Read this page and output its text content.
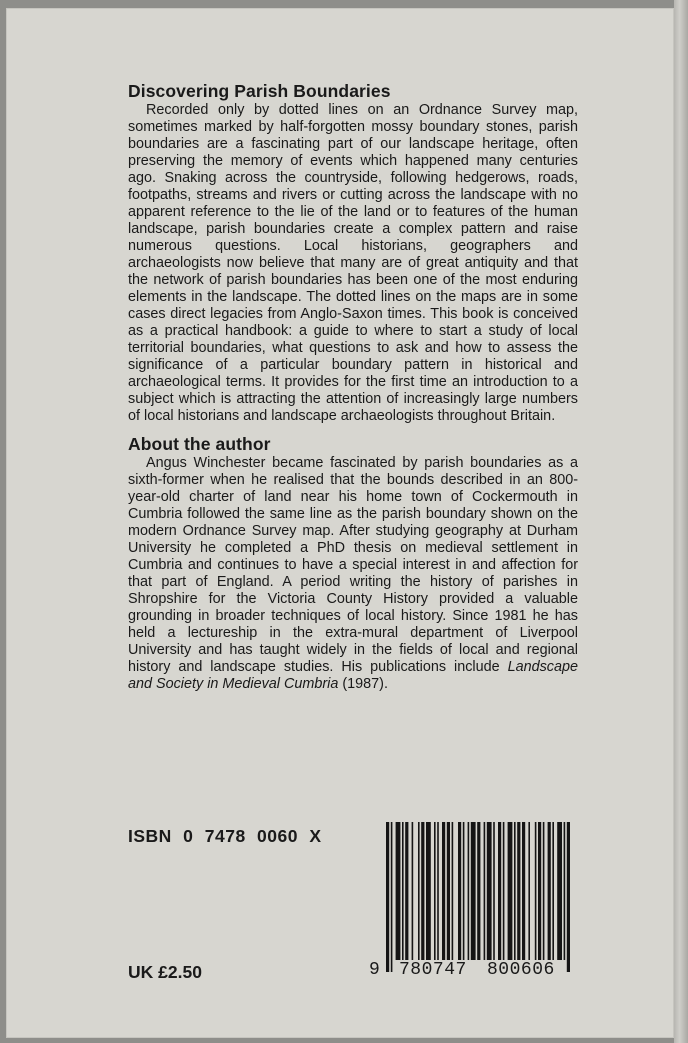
Discovering Parish Boundaries

Recorded only by dotted lines on an Ordnance Survey map, sometimes marked by half-forgotten mossy boundary stones, parish boundaries are a fascinating part of our landscape heritage, often preserving the memory of events which happened many centuries ago. Snaking across the countryside, following hedgerows, roads, footpaths, streams and rivers or cutting across the landscape with no apparent reference to the lie of the land or to features of the human landscape, parish boundaries create a complex pattern and raise numerous questions. Local historians, geographers and archaeologists now believe that many are of great antiquity and that the network of parish boundaries has been one of the most enduring elements in the landscape. The dotted lines on the maps are in some cases direct legacies from Anglo-Saxon times. This book is conceived as a practical handbook: a guide to where to start a study of local territorial boundaries, what questions to ask and how to assess the significance of a particular boundary pattern in historical and archaeological terms. It provides for the first time an introduction to a subject which is attracting the attention of increasingly large numbers of local historians and landscape archaeologists throughout Britain.

About the author

Angus Winchester became fascinated by parish boundaries as a sixth-former when he realised that the bounds described in an 800-year-old charter of land near his home town of Cockermouth in Cumbria followed the same line as the parish boundary shown on the modern Ordnance Survey map. After studying geography at Durham University he completed a PhD thesis on medieval settlement in Cumbria and continues to have a special interest in and affection for that part of England. A period writing the history of parishes in Shropshire for the Victoria County History provided a valuable grounding in broader techniques of local history. Since 1981 he has held a lectureship in the extra-mural department of Liverpool University and has taught widely in the fields of local and regional history and landscape studies. His publications include Landscape and Society in Medieval Cumbria (1987).

ISBN 0 7478 0060 X
UK £2.50	9 780747 800606
